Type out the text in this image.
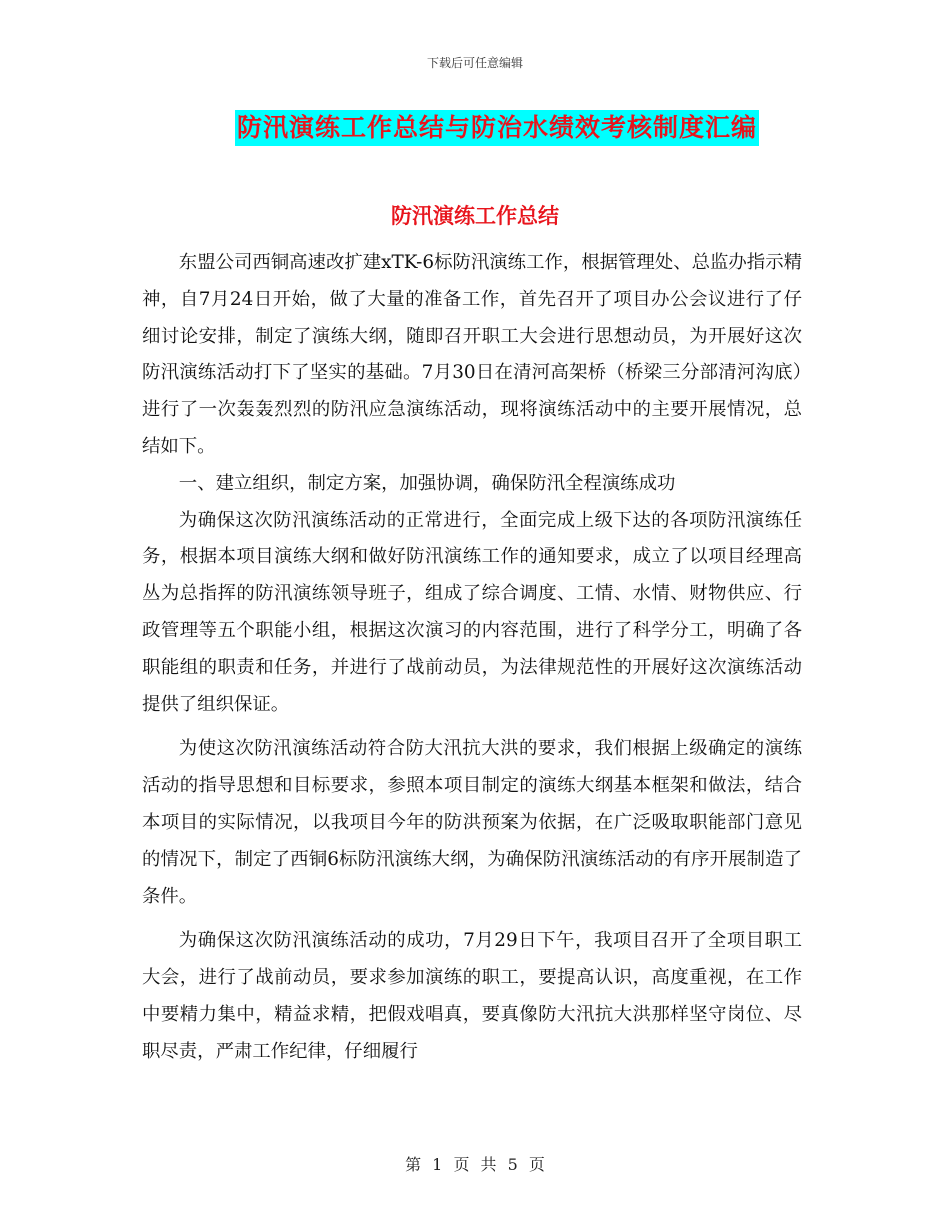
下载后可任意编辑
防汛演练工作总结与防治水绩效考核制度汇编
防汛演练工作总结

东盟公司西铜高速改扩建xTK-6标防汛演练工作，根据管理处、总监办指示精神，自7月24日开始，做了大量的准备工作，首先召开了项目办公会议进行了仔细讨论安排，制定了演练大纲，随即召开职工大会进行思想动员，为开展好这次防汛演练活动打下了坚实的基础。7月30日在清河高架桥（桥梁三分部清河沟底）进行了一次轰轰烈烈的防汛应急演练活动，现将演练活动中的主要开展情况，总结如下。

一、建立组织，制定方案，加强协调，确保防汛全程演练成功

为确保这次防汛演练活动的正常进行，全面完成上级下达的各项防汛演练任务，根据本项目演练大纲和做好防汛演练工作的通知要求，成立了以项目经理高丛为总指挥的防汛演练领导班子，组成了综合调度、工情、水情、财物供应、行政管理等五个职能小组，根据这次演习的内容范围，进行了科学分工，明确了各职能组的职责和任务，并进行了战前动员，为法律规范性的开展好这次演练活动提供了组织保证。

为使这次防汛演练活动符合防大汛抗大洪的要求，我们根据上级确定的演练活动的指导思想和目标要求，参照本项目制定的演练大纲基本框架和做法，结合本项目的实际情况，以我项目今年的防洪预案为依据，在广泛吸取职能部门意见的情况下，制定了西铜6标防汛演练大纲，为确保防汛演练活动的有序开展制造了条件。

为确保这次防汛演练活动的成功，7月29日下午，我项目召开了全项目职工大会，进行了战前动员，要求参加演练的职工，要提高认识，高度重视，在工作中要精力集中，精益求精，把假戏唱真，要真像防大汛抗大洪那样坚守岗位、尽职尽责，严肃工作纪律，仔细履行

第 1 页 共 5 页
